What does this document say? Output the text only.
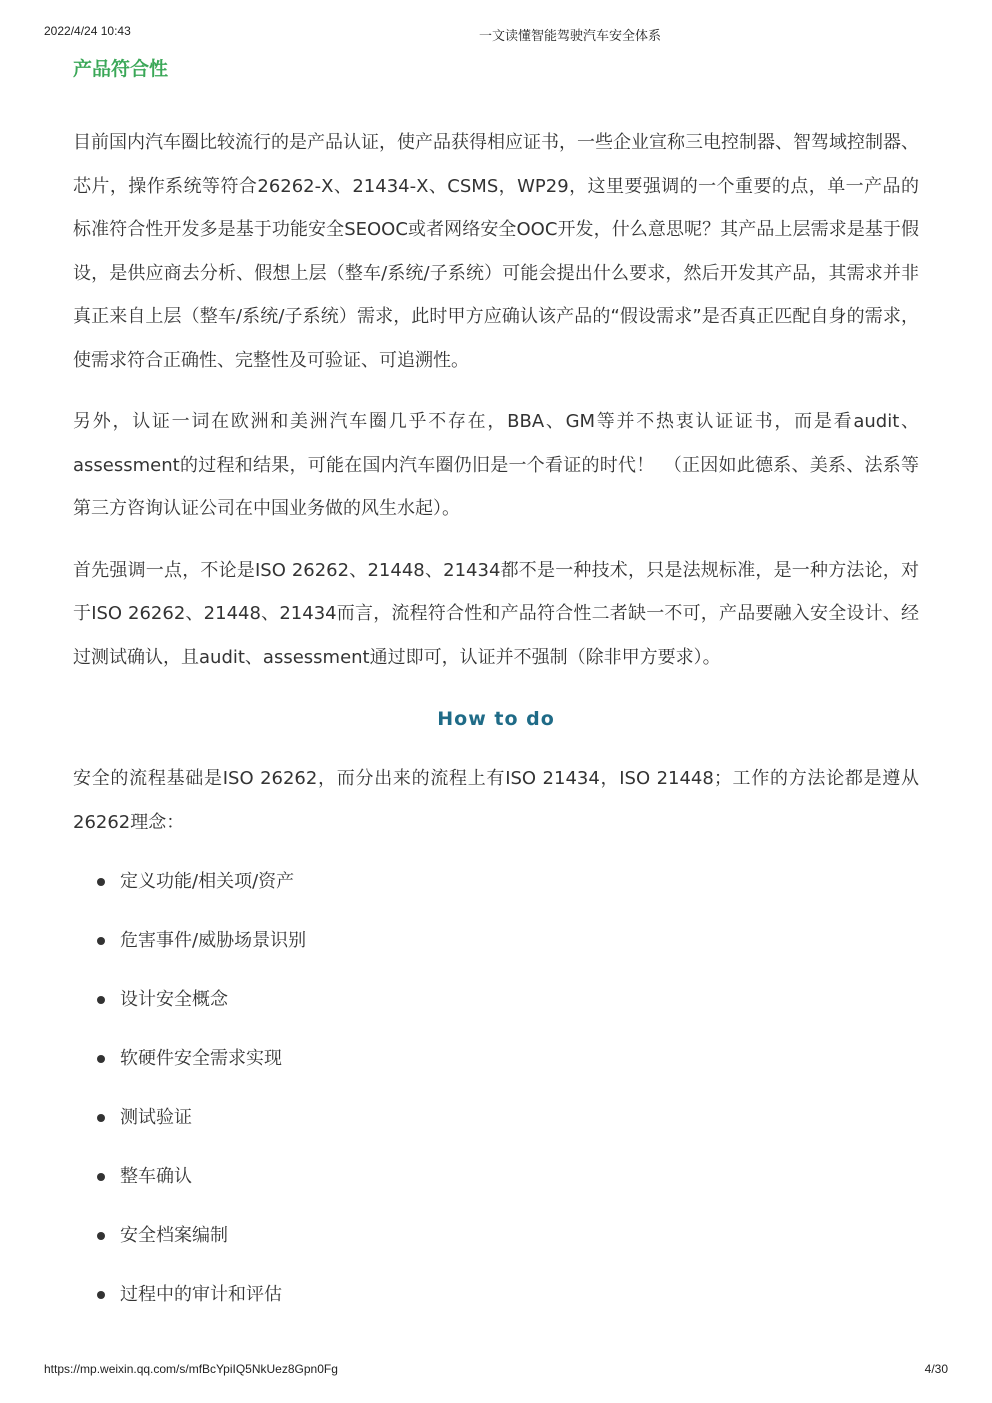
2022/4/24 10:43	一文读懂智能驾驶汽车安全体系
产品符合性

目前国内汽车圈比较流行的是产品认证，使产品获得相应证书，一些企业宣称三电控制器、智驾域控制器、芯片，操作系统等符合26262-X、21434-X、CSMS，WP29，这里要强调的一个重要的点，单一产品的标准符合性开发多是基于功能安全SEOOC或者网络安全OOC开发，什么意思呢？其产品上层需求是基于假设，是供应商去分析、假想上层（整车/系统/子系统）可能会提出什么要求，然后开发其产品，其需求并非真正来自上层（整车/系统/子系统）需求，此时甲方应确认该产品的“假设需求”是否真正匹配自身的需求，使需求符合正确性、完整性及可验证、可追溯性。

另外，认证一词在欧洲和美洲汽车圈几乎不存在，BBA、GM等并不热衷认证证书，而是看audit、assessment的过程和结果，可能在国内汽车圈仍旧是一个看证的时代！　（正因如此德系、美系、法系等第三方咨询认证公司在中国业务做的风生水起）。

首先强调一点，不论是ISO 26262、21448、21434都不是一种技术，只是法规标准，是一种方法论，对于ISO 26262、21448、21434而言，流程符合性和产品符合性二者缺一不可，产品要融入安全设计、经过测试确认，且audit、assessment通过即可，认证并不强制（除非甲方要求）。

How to do

安全的流程基础是ISO 26262，而分出来的流程上有ISO 21434，ISO 21448；工作的方法论都是遵从26262理念：

定义功能/相关项/资产
危害事件/威胁场景识别
设计安全概念
软硬件安全需求实现
测试验证
整车确认
安全档案编制
过程中的审计和评估
https://mp.weixin.qq.com/s/mfBcYpiIQ5NkUez8Gpn0Fg	4/30
